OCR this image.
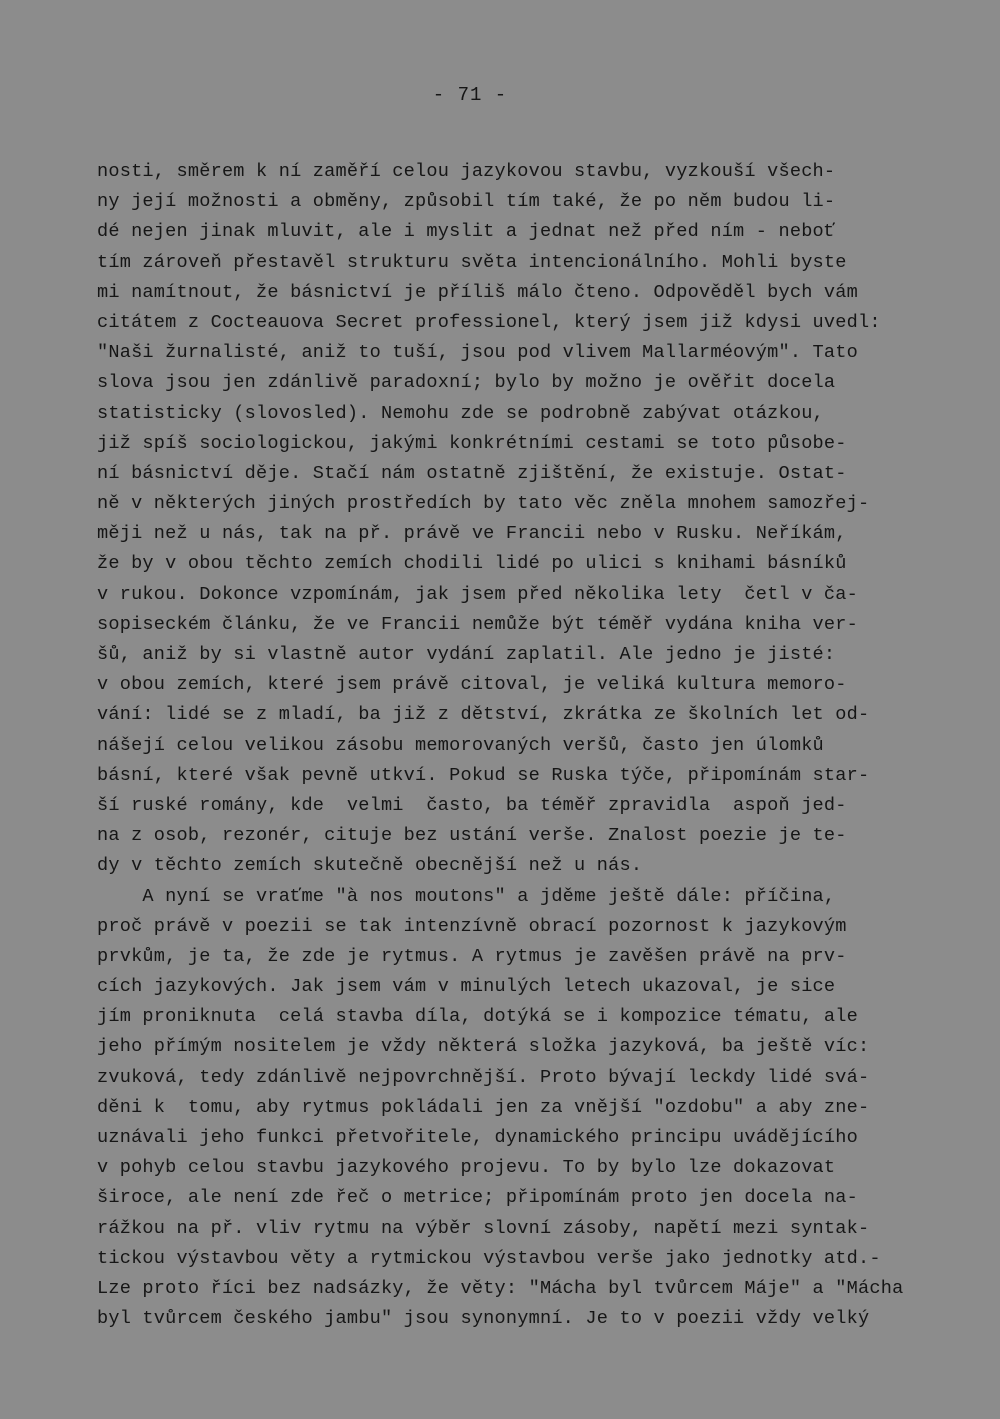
- 71 -
nosti, směrem k ní zaměří celou jazykovou stavbu, vyzkouší všech-
ny její možnosti a obměny, způsobil tím také, že po něm budou li-
dé nejen jinak mluvit, ale i myslit a jednat než před ním - neboť
tím zároveň přestavěl strukturu světa intencionálního. Mohli byste
mi namítnout, že básnictví je příliš málo čteno. Odpověděl bych vám
citátem z Cocteauova Secret professionel, který jsem již kdysi uvedl:
"Naši žurnalisté, aniž to tuší, jsou pod vlivem Mallarméovým". Tato
slova jsou jen zdánlivě paradoxní; bylo by možno je ověřit docela
statisticky (slovosled). Nemohu zde se podrobně zabývat otázkou,
již spíš sociologickou, jakými konkrétními cestami se toto působe-
ní básnictví děje. Stačí nám ostatně zjištění, že existuje. Ostat-
ně v některých jiných prostředích by tato věc zněla mnohem samozřej-
měji než u nás, tak na př. právě ve Francii nebo v Rusku. Neříkám,
že by v obou těchto zemích chodili lidé po ulici s knihami básníků
v rukou. Dokonce vzpomínám, jak jsem před několika lety  četl v ča-
sopiseckém článku, že ve Francii nemůže být téměř vydána kniha ver-
šů, aniž by si vlastně autor vydání zaplatil. Ale jedno je jisté:
v obou zemích, které jsem právě citoval, je veliká kultura memoro-
vání: lidé se z mladí, ba již z dětství, zkrátka ze školních let od-
nášejí celou velikou zásobu memorovaných veršů, často jen úlomků
básní, které však pevně utkví. Pokud se Ruska týče, připomínám star-
ší ruské romány, kde  velmi  často, ba téměř zpravidla  aspoň jed-
na z osob, rezonér, cituje bez ustání verše. Znalost poezie je te-
dy v těchto zemích skutečně obecnější než u nás.
A nyní se vraťme "à nos moutons" a jděme ještě dále: příčina,
proč právě v poezii se tak intenzívně obrací pozornost k jazykovým
prvkům, je ta, že zde je rytmus. A rytmus je zavěšen právě na prv-
cích jazykových. Jak jsem vám v minulých letech ukazoval, je sice
jím proniknuta  celá stavba díla, dotýká se i kompozice tématu, ale
jeho přímým nositelem je vždy některá složka jazyková, ba ještě víc:
zvuková, tedy zdánlivě nejpovrchnější. Proto bývají leckdy lidé svá-
děni k  tomu, aby rytmus pokládali jen za vnější "ozdobu" a aby zne-
uznávali jeho funkci přetvořitele, dynamického principu uvádějícího
v pohyb celou stavbu jazykového projevu. To by bylo lze dokazovat
široce, ale není zde řeč o metrice; připomínám proto jen docela na-
rážkou na př. vliv rytmu na výběr slovní zásoby, napětí mezi syntak-
tickou výstavbou věty a rytmickou výstavbou verše jako jednotky atd.-
Lze proto říci bez nadsázky, že věty: "Mácha byl tvůrcem Máje" a "Mácha
byl tvůrcem českého jambu" jsou synonymní. Je to v poezii vždy velký
